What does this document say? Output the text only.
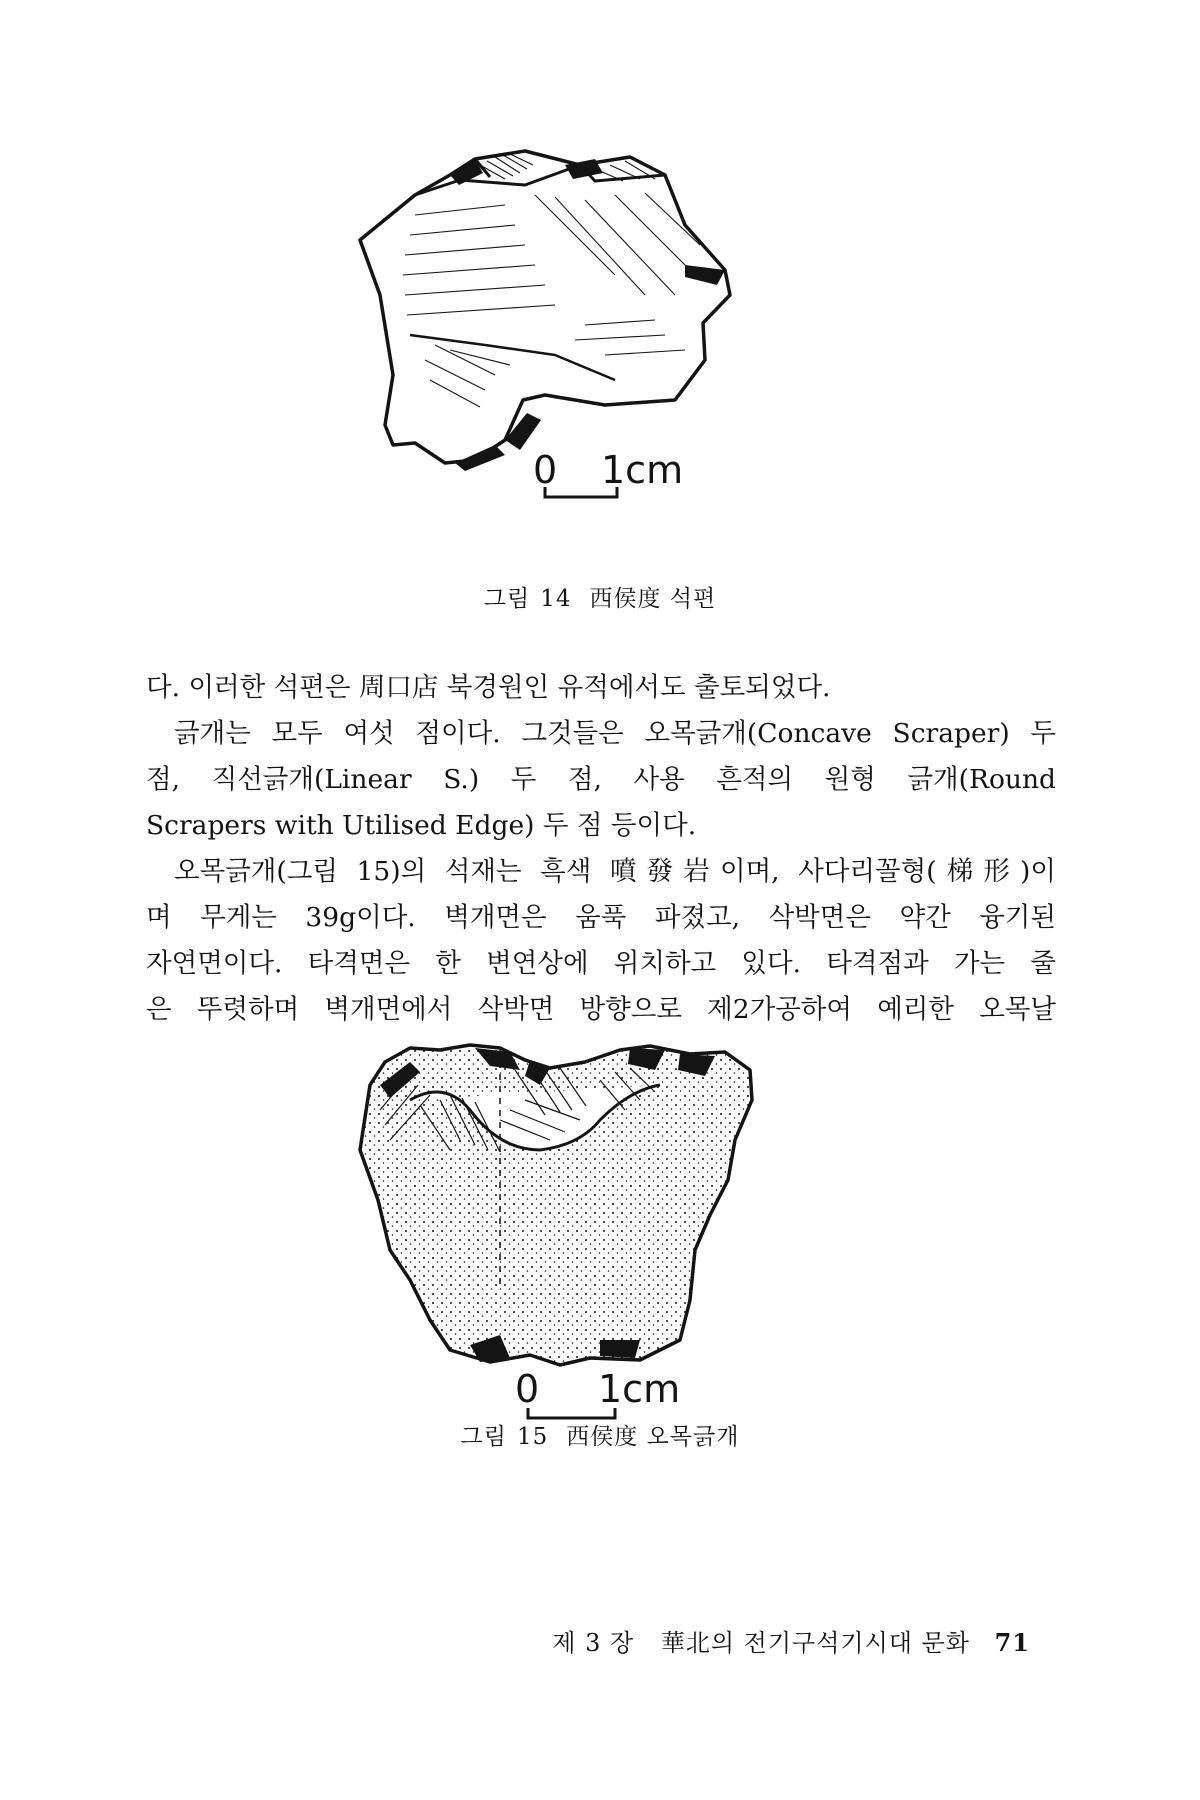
0 1cm
그림 14 西侯度 석편

다. 이러한 석편은 周口店 북경원인 유적에서도 출토되었다.

긁개는 모두 여섯 점이다. 그것들은 오목긁개(Concave Scraper) 두

점, 직선긁개(Linear S.) 두 점, 사용 흔적의 원형 긁개(Round

Scrapers with Utilised Edge) 두 점 등이다.

오목긁개(그림 15)의 석재는 흑색 噴發岩이며, 사다리꼴형(梯形)이

며 무게는 39g이다. 벽개면은 움푹 파졌고, 삭박면은 약간 융기된

자연면이다. 타격면은 한 변연상에 위치하고 있다. 타격점과 가는 줄

은 뚜렷하며 벽개면에서 삭박면 방향으로 제2가공하여 예리한 오목날

0 1cm
그림 15 西侯度 오목긁개
제 3 장 華北의 전기구석기시대 문화 71
